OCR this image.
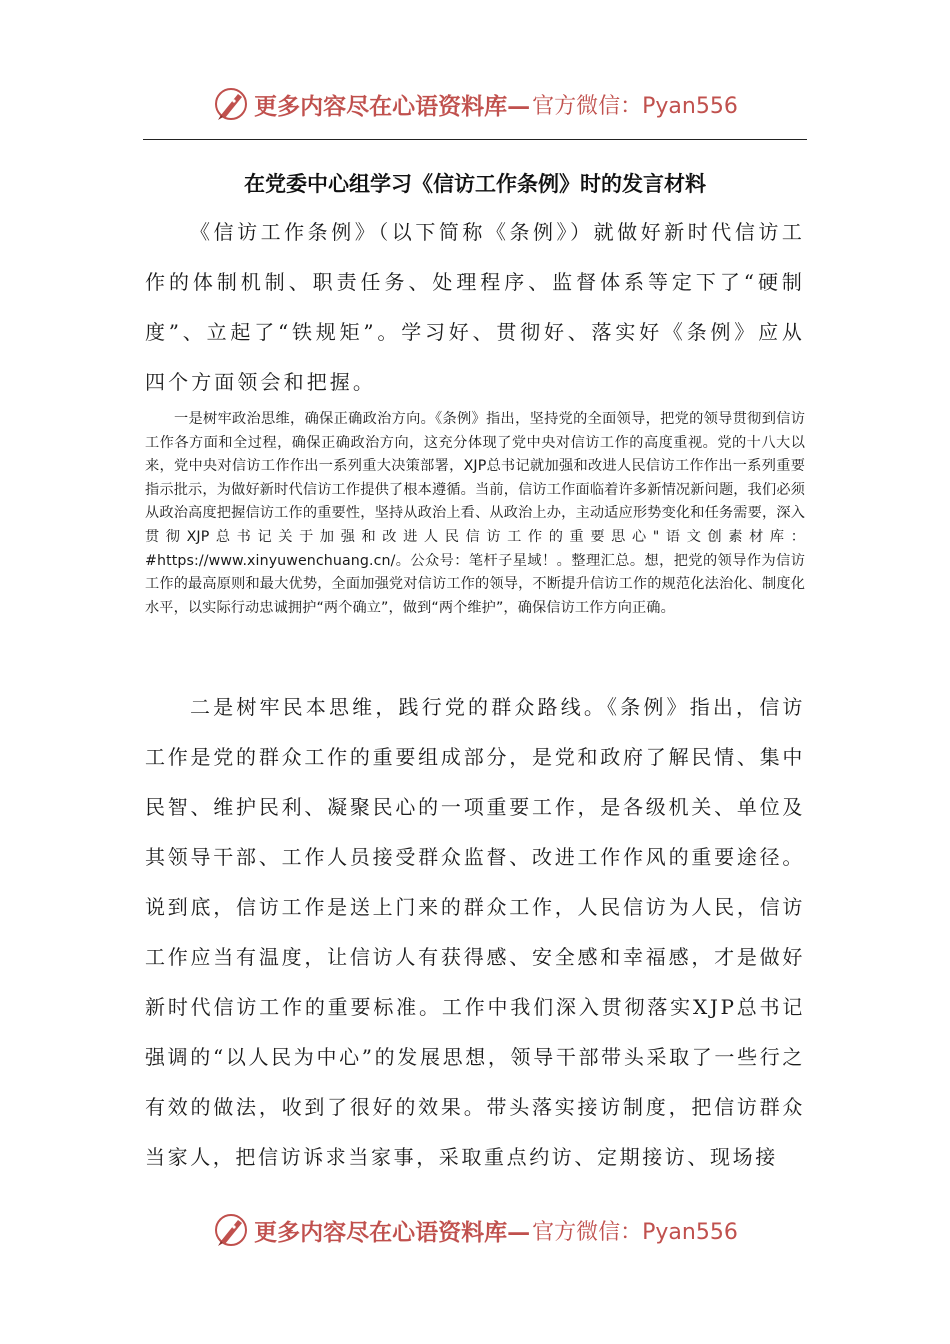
更多内容尽在心语资料库— 官方微信：Pyan556
在党委中心组学习《信访工作条例》时的发言材料
《信访工作条例》（以下简称《条例》）就做好新时代信访工作的体制机制、职责任务、处理程序、监督体系等定下了“硬制度”、立起了“铁规矩”。学习好、贯彻好、落实好《条例》应从四个方面领会和把握。
一是树牢政治思维，确保正确政治方向。《条例》指出，坚持党的全面领导，把党的领导贯彻到信访工作各方面和全过程，确保正确政治方向，这充分体现了党中央对信访工作的高度重视。党的十八大以来，党中央对信访工作作出一系列重大决策部署，XJP总书记就加强和改进人民信访工作作出一系列重要指示批示，为做好新时代信访工作提供了根本遵循。当前，信访工作面临着许多新情况新问题，我们必须从政治高度把握信访工作的重要性，坚持从政治上看、从政治上办，主动适应形势变化和任务需要，深入贯彻XJP总书记关于加强和改进人民信访工作的重要思心"语文创素材库：#https://www.xinyuwenchuang.cn/。公众号：笔杆子星域！。整理汇总。想，把党的领导作为信访工作的最高原则和最大优势，全面加强党对信访工作的领导，不断提升信访工作的规范化法治化、制度化水平，以实际行动忠诚拥护“两个确立”，做到“两个维护”，确保信访工作方向正确。
二是树牢民本思维，践行党的群众路线。《条例》指出，信访工作是党的群众工作的重要组成部分，是党和政府了解民情、集中民智、维护民利、凝聚民心的一项重要工作，是各级机关、单位及其领导干部、工作人员接受群众监督、改进工作作风的重要途径。说到底，信访工作是送上门来的群众工作，人民信访为人民，信访工作应当有温度，让信访人有获得感、安全感和幸福感，才是做好新时代信访工作的重要标准。工作中我们深入贯彻落实XJP总书记强调的“以人民为中心”的发展思想，领导干部带头采取了一些行之有效的做法，收到了很好的效果。带头落实接访制度，把信访群众当家人，把信访诉求当家事，采取重点约访、定期接访、现场接
更多内容尽在心语资料库— 官方微信：Pyan556
